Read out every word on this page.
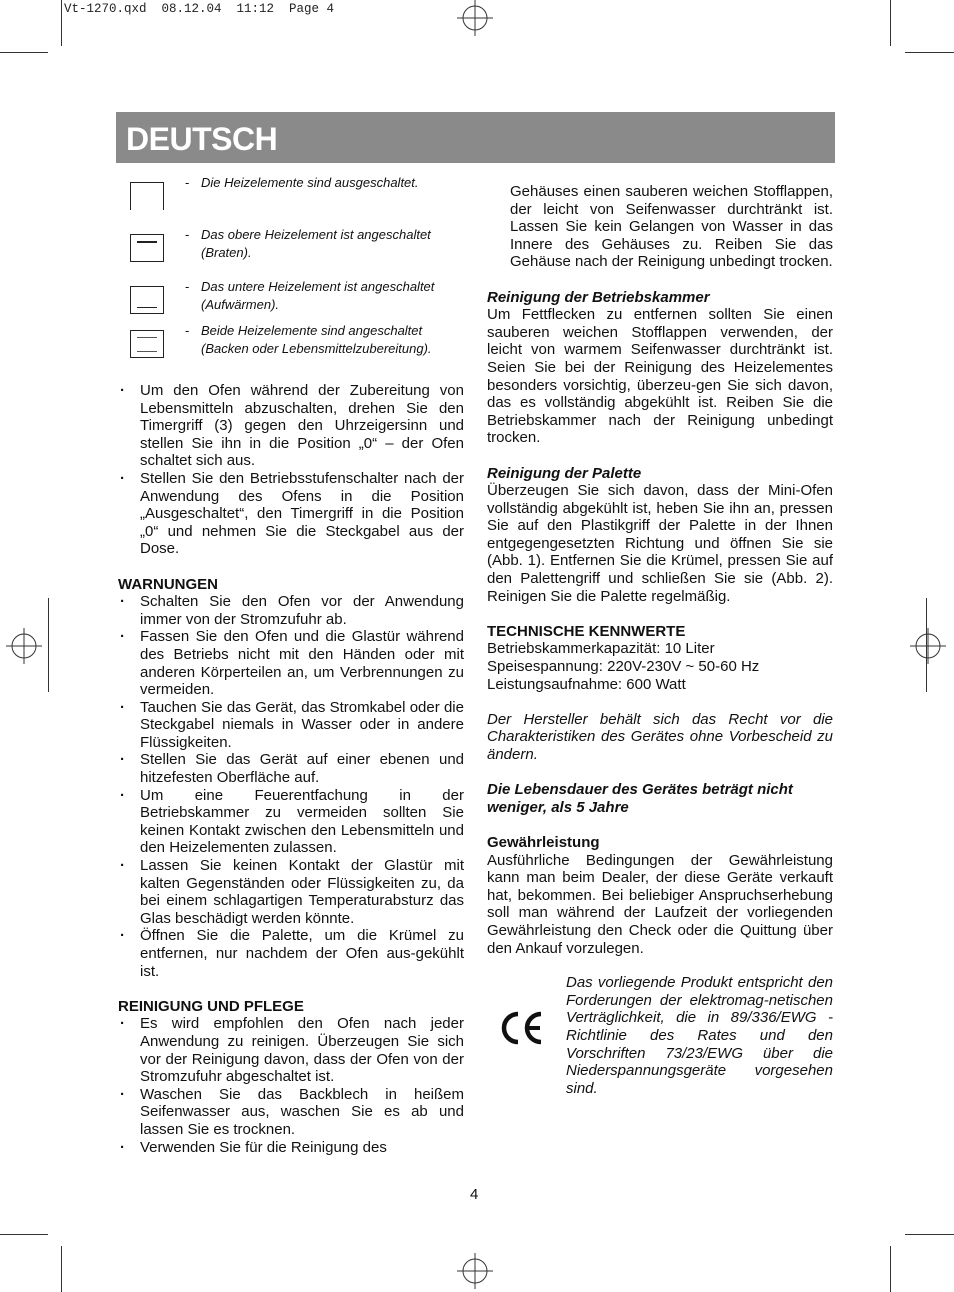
Vt-1270.qxd  08.12.04  11:12  Page 4
DEUTSCH
- Die Heizelemente sind ausgeschaltet.
- Das obere Heizelement ist angeschaltet
(Braten).
- Das untere Heizelement ist angeschaltet
(Aufwärmen).
- Beide Heizelemente sind angeschaltet
(Backen oder Lebensmittelzubereitung).
· Um den Ofen während der Zubereitung von Lebensmitteln abzuschalten, drehen Sie den Timergriff (3) gegen den Uhrzeigersinn und stellen Sie ihn in die Position „0“ – der Ofen schaltet sich aus.
· Stellen Sie den Betriebsstufenschalter nach der Anwendung des Ofens in die Position „Ausgeschaltet“, den Timergriff in die Position „0“ und nehmen Sie die Steckgabel aus der Dose.
WARNUNGEN
· Schalten Sie den Ofen vor der Anwendung immer von der Stromzufuhr ab.
· Fassen Sie den Ofen und die Glastür während des Betriebs nicht mit den Händen oder mit anderen Körperteilen an, um Verbrennungen zu vermeiden.
· Tauchen Sie das Gerät, das Stromkabel oder die Steckgabel niemals in Wasser oder in andere Flüssigkeiten.
· Stellen Sie das Gerät auf einer ebenen und hitzefesten Oberfläche auf.
· Um eine Feuerentfachung in der Betriebskammer zu vermeiden sollten Sie keinen Kontakt zwischen den Lebensmitteln und den Heizelementen zulassen.
· Lassen Sie keinen Kontakt der Glastür mit kalten Gegenständen oder Flüssigkeiten zu, da bei einem schlagartigen Temperaturabsturz das Glas beschädigt werden könnte.
· Öffnen Sie die Palette, um die Krümel zu entfernen, nur nachdem der Ofen aus-gekühlt ist.
REINIGUNG UND PFLEGE
· Es wird empfohlen den Ofen nach jeder Anwendung zu reinigen. Überzeugen Sie sich vor der Reinigung davon, dass der Ofen von der Stromzufuhr abgeschaltet ist.
· Waschen Sie das Backblech in heißem Seifenwasser aus, waschen Sie es ab und lassen Sie es trocknen.
· Verwenden Sie für die Reinigung des

Gehäuses einen sauberen weichen Stofflappen, der leicht von Seifenwasser durchtränkt ist. Lassen Sie kein Gelangen von Wasser in das Innere des Gehäuses zu. Reiben Sie das Gehäuse nach der Reinigung unbedingt trocken.

Reinigung der Betriebskammer

Um Fettflecken zu entfernen sollten Sie einen sauberen weichen Stofflappen verwenden, der leicht von warmem Seifenwasser durchtränkt ist. Seien Sie bei der Reinigung des Heizelementes besonders vorsichtig, überzeu-gen Sie sich davon, das es vollständig abgekühlt ist. Reiben Sie die Betriebskammer nach der Reinigung unbedingt trocken.

Reinigung der Palette

Überzeugen Sie sich davon, dass der Mini-Ofen vollständig abgekühlt ist, heben Sie ihn an, pressen Sie auf den Plastikgriff der Palette in der Ihnen entgegengesetzten Richtung und öffnen Sie sie (Abb. 1). Entfernen Sie die Krümel, pressen Sie auf den Palettengriff und schließen Sie sie (Abb. 2). Reinigen Sie die Palette regelmäßig.

TECHNISCHE KENNWERTE

Betriebskammerkapazität: 10 Liter

Speisespannung: 220V-230V ~ 50-60 Hz

Leistungsaufnahme: 600 Watt

Der Hersteller behält sich das Recht vor die Charakteristiken des Gerätes ohne Vorbescheid zu ändern.

Die Lebensdauer des Gerätes beträgt nicht weniger, als 5 Jahre

Gewährleistung

Ausführliche Bedingungen der Gewährleistung kann man beim Dealer, der diese Geräte verkauft hat, bekommen. Bei beliebiger Anspruchserhebung soll man während der Laufzeit der vorliegenden Gewährleistung den Check oder die Quittung über den Ankauf vorzulegen.

Das vorliegende Produkt entspricht den Forderungen der elektromag-netischen Verträglichkeit, die in 89/336/EWG -Richtlinie des Rates und den Vorschriften 73/23/EWG über die Niederspannungsgeräte vorgesehen sind.

4
